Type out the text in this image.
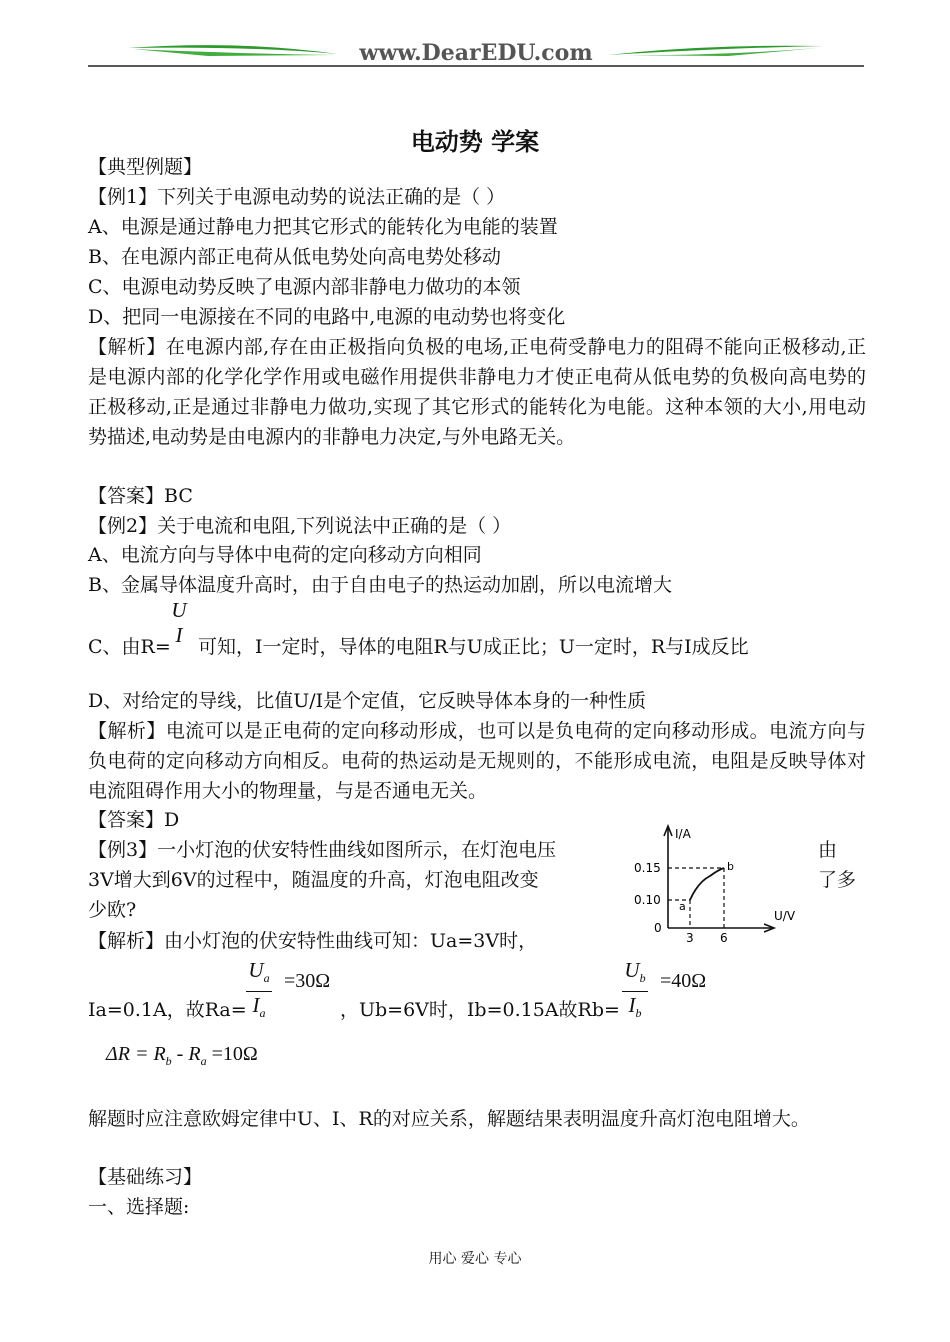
www.DearEDU.com
电动势 学案
【典型例题】
【例1】下列关于电源电动势的说法正确的是（ ）
A、电源是通过静电力把其它形式的能转化为电能的装置
B、在电源内部正电荷从低电势处向高电势处移动
C、电源电动势反映了电源内部非静电力做功的本领
D、把同一电源接在不同的电路中,电源的电动势也将变化
【解析】在电源内部,存在由正极指向负极的电场,正电荷受静电力的阻碍不能向正极移动,正是电源内部的化学化学作用或电磁作用提供非静电力才使正电荷从低电势的负极向高电势的正极移动,正是通过非静电力做功,实现了其它形式的能转化为电能。这种本领的大小,用电动势描述,电动势是由电源内的非静电力决定,与外电路无关。
【答案】BC
【例2】关于电流和电阻,下列说法中正确的是（ ）
A、电流方向与导体中电荷的定向移动方向相同
B、金属导体温度升高时，由于自由电子的热运动加剧，所以电流增大
C、由R=
U
I 可知，I一定时，导体的电阻R与U成正比；U一定时，R与I成反比
D、对给定的导线，比值U/I是个定值，它反映导体本身的一种性质
【解析】电流可以是正电荷的定向移动形成，也可以是负电荷的定向移动形成。电流方向与负电荷的定向移动方向相反。电荷的热运动是无规则的，不能形成电流，电阻是反映导体对电流阻碍作用大小的物理量，与是否通电无关。
【答案】D
【例3】一小灯泡的伏安特性曲线如图所示，在灯泡电压	由
3V增大到6V的过程中，随温度的升高，灯泡电阻改变	了多
少欧?
I/A
U/V
0.15
0.10
0
3 6
a
b
【解析】由小灯泡的伏安特性曲线可知：Ua=3V时，
Ia=0.1A，故Ra=
$U_a$
$I_a$
=30Ω
，Ub=6V时，Ib=0.15A故Rb=
$U_b$
$I_b$
=40Ω
$\Delta R = R_b - R_a =10\Omega$
解题时应注意欧姆定律中U、I、R的对应关系，解题结果表明温度升高灯泡电阻增大。
【基础练习】
一、选择题:
用心 爱心 专心
